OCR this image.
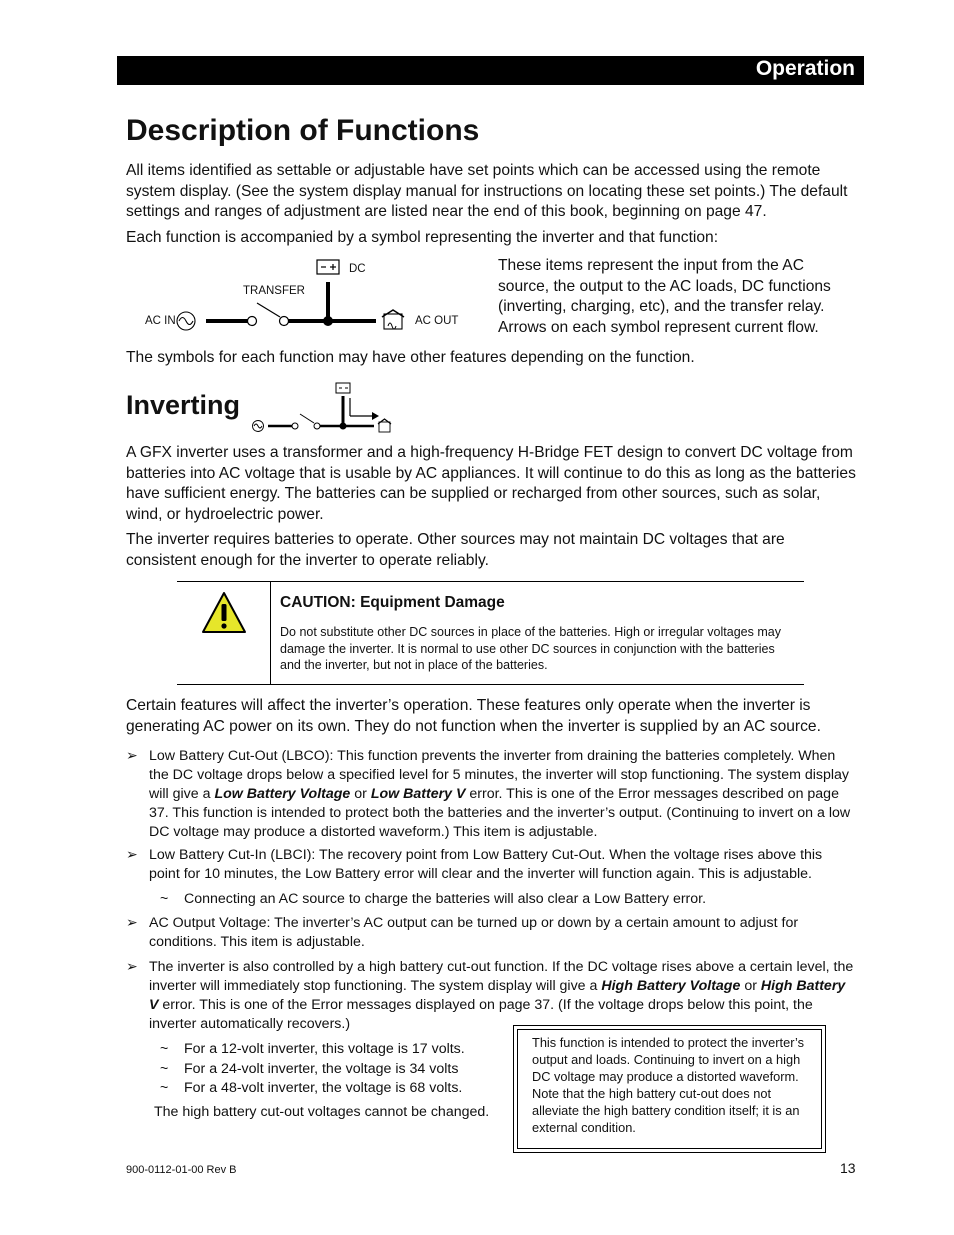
Operation
Description of Functions

All items identified as settable or adjustable have set points which can be accessed using the remote system display. (See the system display manual for instructions on locating these set points.) The default settings and ranges of adjustment are listed near the end of this book, beginning on page 47.

Each function is accompanied by a symbol representing the inverter and that function:

DC
TRANSFER
AC IN	AC OUT

These items represent the input from the AC source, the output to the AC loads, DC functions (inverting, charging, etc), and the transfer relay. Arrows on each symbol represent current flow.

The symbols for each function may have other features depending on the function.

Inverting

A GFX inverter uses a transformer and a high-frequency H-Bridge FET design to convert DC voltage from batteries into AC voltage that is usable by AC appliances. It will continue to do this as long as the batteries have sufficient energy. The batteries can be supplied or recharged from other sources, such as solar, wind, or hydroelectric power.

The inverter requires batteries to operate. Other sources may not maintain DC voltages that are consistent enough for the inverter to operate reliably.

CAUTION: Equipment Damage
Do not substitute other DC sources in place of the batteries. High or irregular voltages may damage the inverter. It is normal to use other DC sources in conjunction with the batteries and the inverter, but not in place of the batteries.

Certain features will affect the inverter’s operation. These features only operate when the inverter is generating AC power on its own. They do not function when the inverter is supplied by an AC source.

➢ Low Battery Cut-Out (LBCO): This function prevents the inverter from draining the batteries completely. When the DC voltage drops below a specified level for 5 minutes, the inverter will stop functioning. The system display will give a Low Battery Voltage or Low Battery V error. This is one of the Error messages described on page 37. This function is intended to protect both the batteries and the inverter’s output. (Continuing to invert on a low DC voltage may produce a distorted waveform.) This item is adjustable.
➢ Low Battery Cut-In (LBCI): The recovery point from Low Battery Cut-Out. When the voltage rises above this point for 10 minutes, the Low Battery error will clear and the inverter will function again. This is adjustable.
~ Connecting an AC source to charge the batteries will also clear a Low Battery error.
➢ AC Output Voltage: The inverter’s AC output can be turned up or down by a certain amount to adjust for conditions. This item is adjustable.
➢ The inverter is also controlled by a high battery cut-out function. If the DC voltage rises above a certain level, the inverter will immediately stop functioning. The system display will give a High Battery Voltage or High Battery V error. This is one of the Error messages displayed on page 37. (If the voltage drops below this point, the inverter automatically recovers.)
~ For a 12-volt inverter, this voltage is 17 volts.
~ For a 24-volt inverter, the voltage is 34 volts
~ For a 48-volt inverter, the voltage is 68 volts.
The high battery cut-out voltages cannot be changed.
This function is intended to protect the inverter’s output and loads. Continuing to invert on a high DC voltage may produce a distorted waveform. Note that the high battery cut-out does not alleviate the high battery condition itself; it is an external condition.
900-0112-01-00 Rev B	13
